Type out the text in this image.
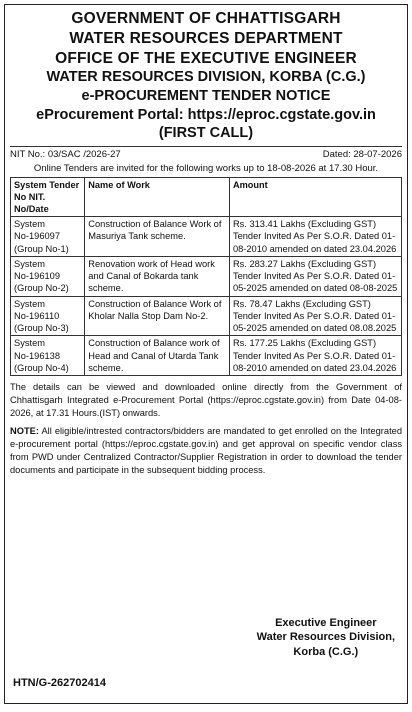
GOVERNMENT OF CHHATTISGARH
WATER RESOURCES DEPARTMENT
OFFICE OF THE EXECUTIVE ENGINEER
WATER RESOURCES DIVISION, KORBA (C.G.)
e-PROCUREMENT TENDER NOTICE
eProcurement Portal: https://eproc.cgstate.gov.in
(FIRST CALL)
NIT No.: 03/SAC /2026-27	Dated: 28-07-2026
Online Tenders are invited for the following works up to 18-08-2026 at 17.30 Hour.
System Tender No NIT. No/Date	Name of Work	Amount
System
No-196097
(Group No-1)	Construction of Balance Work of Masuriya Tank scheme.	Rs. 313.41 Lakhs (Excluding GST) Tender Invited As Per S.O.R. Dated 01-08-2010 amended on dated 23.04.2026
System
No-196109
(Group No-2)	Renovation work of Head work and Canal of Bokarda tank scheme.	Rs. 283.27 Lakhs (Excluding GST) Tender Invited As Per S.O.R. Dated 01-05-2025 amended on dated 08-08-2025
System
No-196110
(Group No-3)	Construction of Balance Work of Kholar Nalla Stop Dam No-2.	Rs. 78.47 Lakhs (Excluding GST) Tender Invited As Per S.O.R. Dated 01-05-2025 amended on dated 08.08.2025
System
No-196138
(Group No-4)	Construction of Balance work of Head and Canal of Utarda Tank scheme.	Rs. 177.25 Lakhs (Excluding GST) Tender Invited As Per S.O.R. Dated 01-08-2010 amended on dated 23.04.2026
The details can be viewed and downloaded online directly from the Government of Chhattisgarh Integrated e-Procurement Portal (https://eproc.cgstate.gov.in) from Date 04-08-2026, at 17.31 Hours.(IST) onwards.
NOTE: All eligible/intrested contractors/bidders are mandated to get enrolled on the Integrated e-procurement portal (https://eproc.cgstate.gov.in) and get approval on specific vendor class from PWD under Centralized Contractor/Supplier Registration in order to download the tender documents and participate in the subsequent bidding process.
Executive Engineer
Water Resources Division,
Korba (C.G.)
HTN/G-262702414
